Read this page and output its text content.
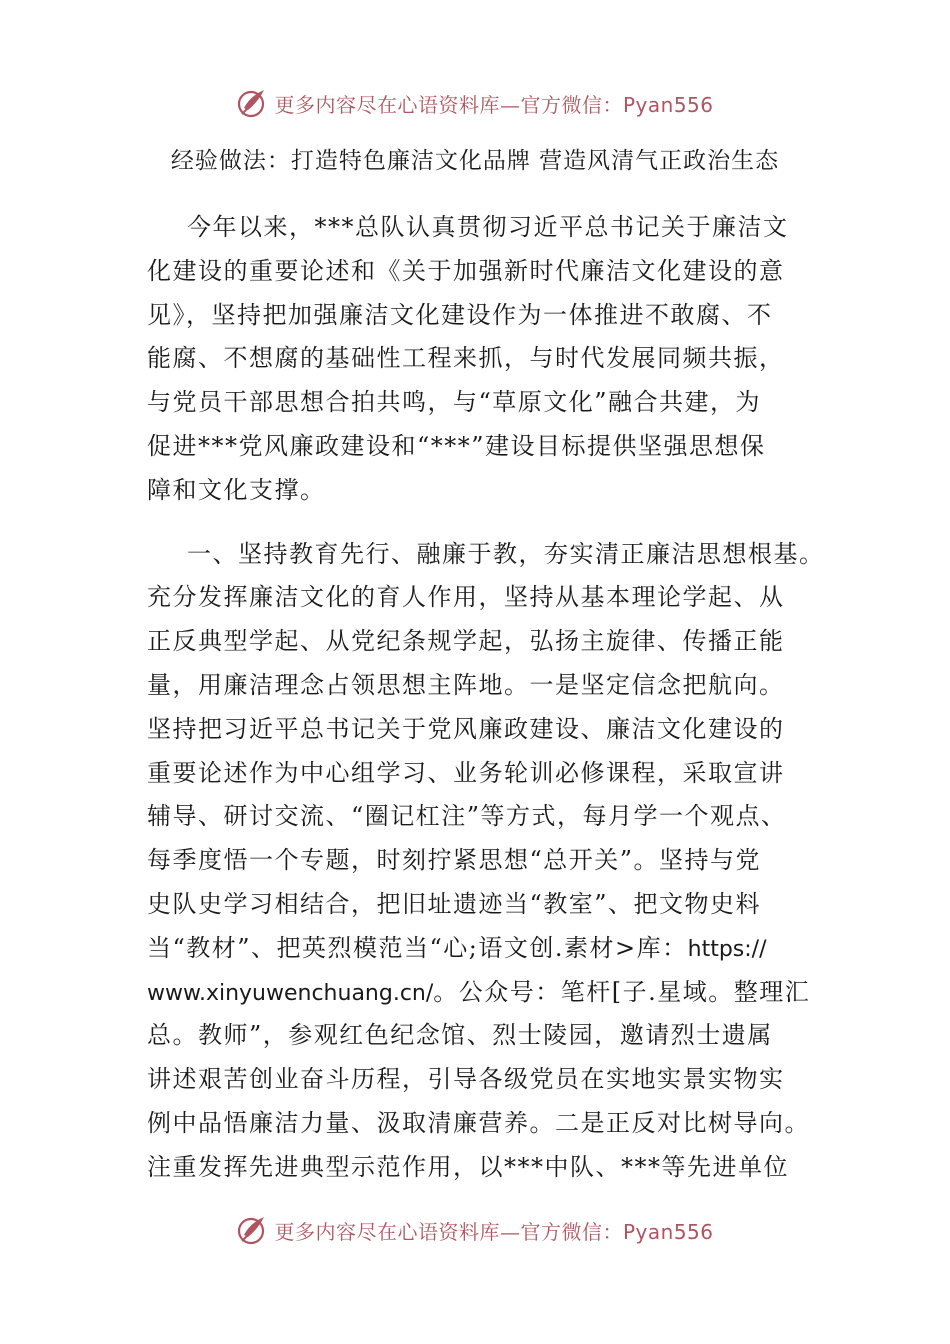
更多内容尽在心语资料库—官方微信：Pyan556
经验做法：打造特色廉洁文化品牌 营造风清气正政治生态
今年以来，***总队认真贯彻习近平总书记关于廉洁文
化建设的重要论述和《关于加强新时代廉洁文化建设的意
见》，坚持把加强廉洁文化建设作为一体推进不敢腐、不
能腐、不想腐的基础性工程来抓，与时代发展同频共振，
与党员干部思想合拍共鸣，与“草原文化”融合共建，为
促进***党风廉政建设和“***”建设目标提供坚强思想保
障和文化支撑。
一、坚持教育先行、融廉于教，夯实清正廉洁思想根基。
充分发挥廉洁文化的育人作用，坚持从基本理论学起、从
正反典型学起、从党纪条规学起，弘扬主旋律、传播正能
量，用廉洁理念占领思想主阵地。一是坚定信念把航向。
坚持把习近平总书记关于党风廉政建设、廉洁文化建设的
重要论述作为中心组学习、业务轮训必修课程，采取宣讲
辅导、研讨交流、“圈记杠注”等方式，每月学一个观点、
每季度悟一个专题，时刻拧紧思想“总开关”。坚持与党
史队史学习相结合，把旧址遗迹当“教室”、把文物史料
当“教材”、把英烈模范当“心;语文创.素材>库：https://
www.xinyuwenchuang.cn/。公众号：笔杆[子.星域。整理汇
总。教师”，参观红色纪念馆、烈士陵园，邀请烈士遗属
讲述艰苦创业奋斗历程，引导各级党员在实地实景实物实
例中品悟廉洁力量、汲取清廉营养。二是正反对比树导向。
注重发挥先进典型示范作用，以***中队、***等先进单位
更多内容尽在心语资料库—官方微信：Pyan556
